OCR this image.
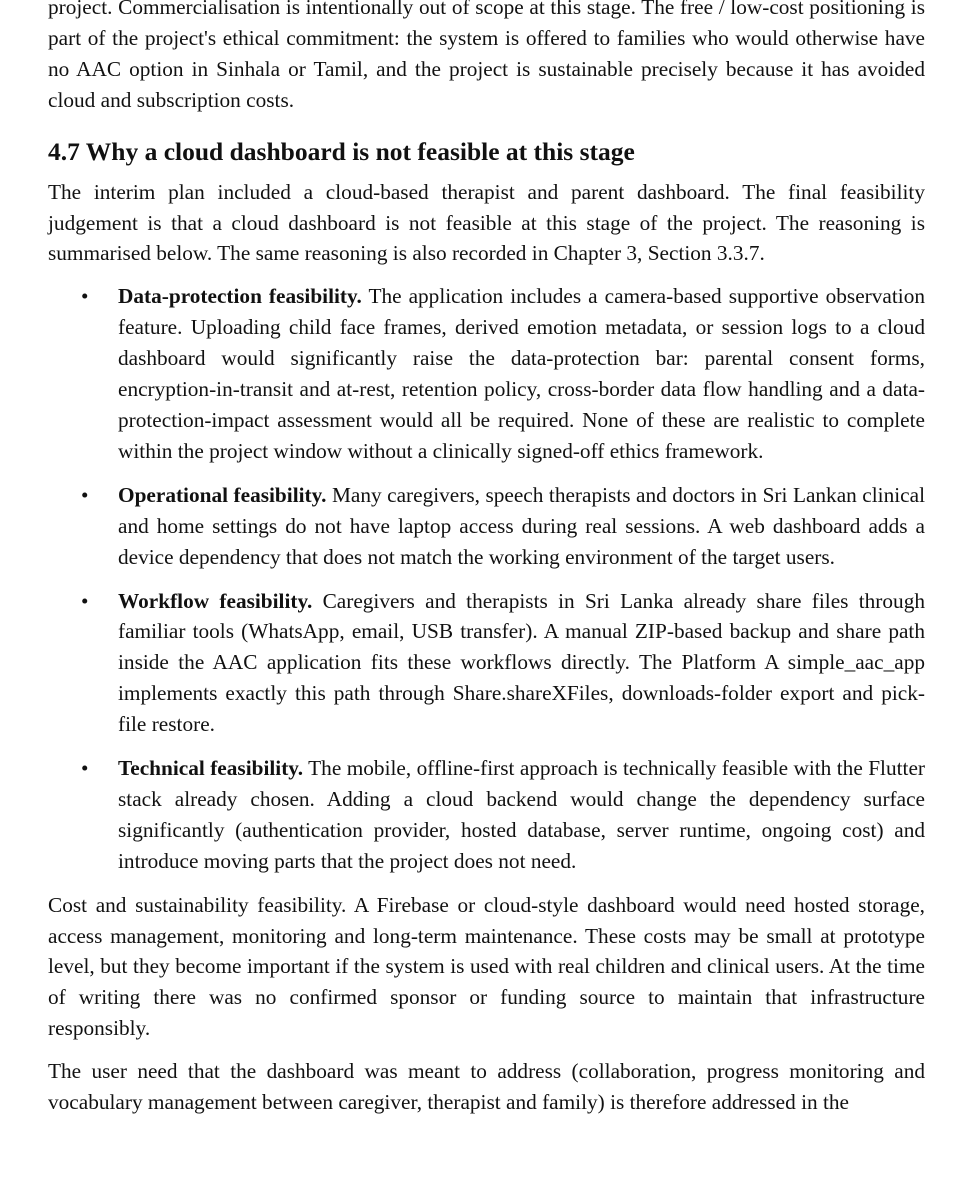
project. Commercialisation is intentionally out of scope at this stage. The free / low-cost positioning is part of the project's ethical commitment: the system is offered to families who would otherwise have no AAC option in Sinhala or Tamil, and the project is sustainable precisely because it has avoided cloud and subscription costs.

4.7 Why a cloud dashboard is not feasible at this stage

The interim plan included a cloud-based therapist and parent dashboard. The final feasibility judgement is that a cloud dashboard is not feasible at this stage of the project. The reasoning is summarised below. The same reasoning is also recorded in Chapter 3, Section 3.3.7.

• Data-protection feasibility. The application includes a camera-based supportive observation feature. Uploading child face frames, derived emotion metadata, or session logs to a cloud dashboard would significantly raise the data-protection bar: parental consent forms, encryption-in-transit and at-rest, retention policy, cross-border data flow handling and a data-protection-impact assessment would all be required. None of these are realistic to complete within the project window without a clinically signed-off ethics framework.

• Operational feasibility. Many caregivers, speech therapists and doctors in Sri Lankan clinical and home settings do not have laptop access during real sessions. A web dashboard adds a device dependency that does not match the working environment of the target users.

• Workflow feasibility. Caregivers and therapists in Sri Lanka already share files through familiar tools (WhatsApp, email, USB transfer). A manual ZIP-based backup and share path inside the AAC application fits these workflows directly. The Platform A simple_aac_app implements exactly this path through Share.shareXFiles, downloads-folder export and pick-file restore.

• Technical feasibility. The mobile, offline-first approach is technically feasible with the Flutter stack already chosen. Adding a cloud backend would change the dependency surface significantly (authentication provider, hosted database, server runtime, ongoing cost) and introduce moving parts that the project does not need.

Cost and sustainability feasibility. A Firebase or cloud-style dashboard would need hosted storage, access management, monitoring and long-term maintenance. These costs may be small at prototype level, but they become important if the system is used with real children and clinical users. At the time of writing there was no confirmed sponsor or funding source to maintain that infrastructure responsibly.

The user need that the dashboard was meant to address (collaboration, progress monitoring and vocabulary management between caregiver, therapist and family) is therefore addressed in the
